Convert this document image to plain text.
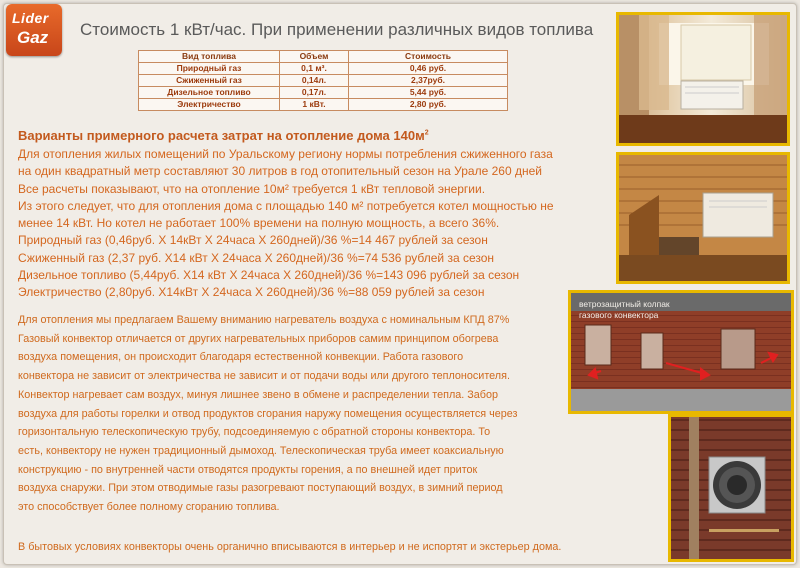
Lider
Gaz Стоимость 1 кВт/час. При применении различных видов топлива
Вид топлива	Объем	Стоимость
Природный газ	0,1 м³.	0,46 руб.
Сжиженный газ	0,14л.	2,37руб.
Дизельное топливо	0,17л.	5,44 руб.
Электричество	1 кВт.	2,80 руб.
Варианты примерного расчета затрат на отопление дома $140м^2$
Для отопления жилых помещений по Уральскому региону нормы потребления сжиженного газа
на один квадратный метр составляют 30 литров в год отопительный сезон на Урале 260 дней
Все расчеты показывают, что на отопление 10м² требуется 1 кВт тепловой энергии.
Из этого следует, что для отопления дома с площадью 140 м² потребуется котел мощностью не
менее 14 кВт. Но котел не работает 100% времени на полную мощность, а всего 36%.
Природный газ (0,46руб. X 14кВт X 24часа X 260дней)/36 %=14 467 рублей за сезон
Сжиженный газ (2,37 руб. X14 кВт X 24часа X 260дней)/36 %=74 536 рублей за сезон
Дизельное топливо (5,44руб. X14 кВт X 24часа X 260дней)/36 %=143 096 рублей за сезон
Электричество (2,80руб. X14кВт X 24часа X 260дней)/36 %=88 059 рублей за сезон
Для отопления мы предлагаем Вашему вниманию нагреватель воздуха с номинальным КПД 87%
Газовый конвектор отличается от других нагревательных приборов самим принципом обогрева
воздуха помещения, он происходит благодаря естественной конвекции. Работа газового
конвектора не зависит от электричества не зависит и от подачи воды или другого теплоносителя.
Конвектор нагревает сам воздух, минуя лишнее звено в обмене и распределении тепла. Забор
воздуха для работы горелки и отвод продуктов сгорания наружу помещения осуществляется через
горизонтальную телескопическую трубу, подсоединяемую с обратной стороны конвектора. То
есть, конвектору не нужен традиционный дымоход. Телескопическая труба имеет коаксиальную
конструкцию - по внутренней части отводятся продукты горения, а по внешней идет приток
воздуха снаружи. При этом отводимые газы разогревают поступающий воздух, в зимний период
это способствует более полному сгоранию топлива.
В бытовых условиях конвекторы очень органично вписываются в интерьер и не испортят и экстерьер дома.
ветрозащитный колпак
газового конвектора
